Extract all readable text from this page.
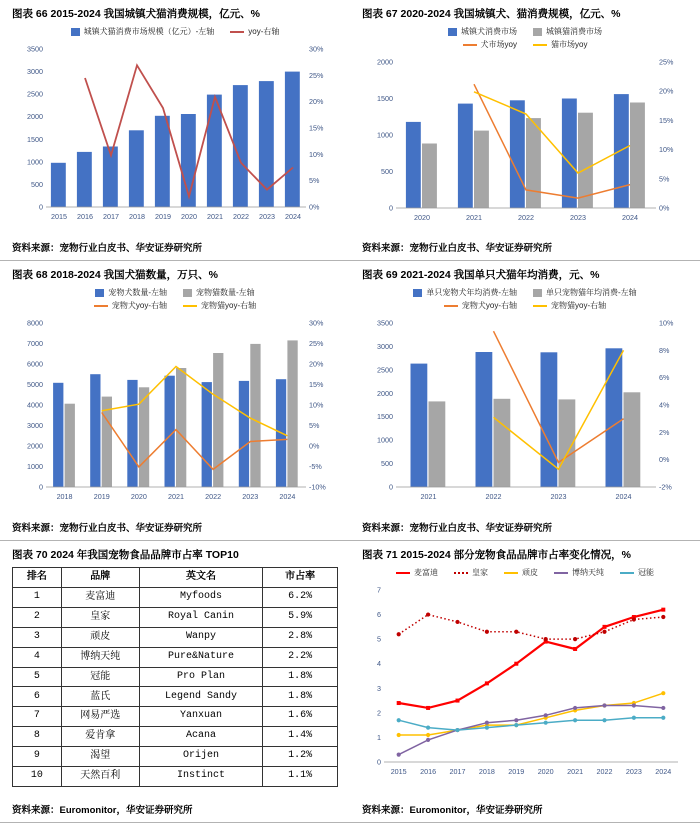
图表 66 2015-2024 我国城镇犬猫消费规模，亿元、%
城镇犬猫消费市场规模（亿元）-左轴	yoy-右轴
0
500
1000
1500
2000
2500
3000
3500
0%
5%
10%
15%
20%
25%
30%
2015 2016 2017 2018 2019 2020 2021 2022 2023 2024
资料来源：宠物行业白皮书、华安证券研究所
图表 67 2020-2024 我国城镇犬、猫消费规模，亿元、%
城镇犬消费市场	城镇猫消费市场
犬市场yoy	猫市场yoy
0
500
1000
1500
2000
0%
5%
10%
15%
20%
25%
2020	2021	2022	2023	2024
资料来源：宠物行业白皮书、华安证券研究所
图表 68 2018-2024 我国犬猫数量，万只、%
宠物犬数量-左轴	宠物猫数量-左轴
宠物犬yoy-右轴	宠物猫yoy-右轴
0
1000
2000
3000
4000
5000
6000
7000
8000
-10%
-5%
0%
5%
10%
15%
20%
25%
30%
2018	2019	2020	2021	2022	2023	2024
资料来源：宠物行业白皮书、华安证券研究所
图表 69 2021-2024 我国单只犬猫年均消费，元、%
单只宠物犬年均消费-左轴	单只宠物猫年均消费-左轴
宠物犬yoy-右轴	宠物猫yoy-右轴
0
500
1000
1500
2000
2500
3000
3500
-2%
0%
2%
4%
6%
8%
10%
2021	2022	2023	2024
资料来源：宠物行业白皮书、华安证券研究所
图表 70 2024 年我国宠物食品品牌市占率 TOP10
排名	品牌	英文名	市占率
1	麦富迪	Myfoods	6.2%
2	皇家	Royal Canin	5.9%
3	顽皮	Wanpy	2.8%
4	博纳天纯	Pure&Nature	2.2%
5	冠能	Pro Plan	1.8%
6	蓝氏	Legend Sandy	1.8%
7	网易严选	Yanxuan	1.6%
8	爱肯拿	Acana	1.4%
9	渴望	Orijen	1.2%
10	天然百利	Instinct	1.1%
资料来源：Euromonitor，华安证券研究所
图表 71 2015-2024 部分宠物食品品牌市占率变化情况，%
麦富迪	皇家	顽皮	博纳天纯	冠能
0
1
2
3
4
5
6
7
2015 2016 2017 2018 2019 2020 2021 2022 2023 2024
资料来源：Euromonitor，华安证券研究所
